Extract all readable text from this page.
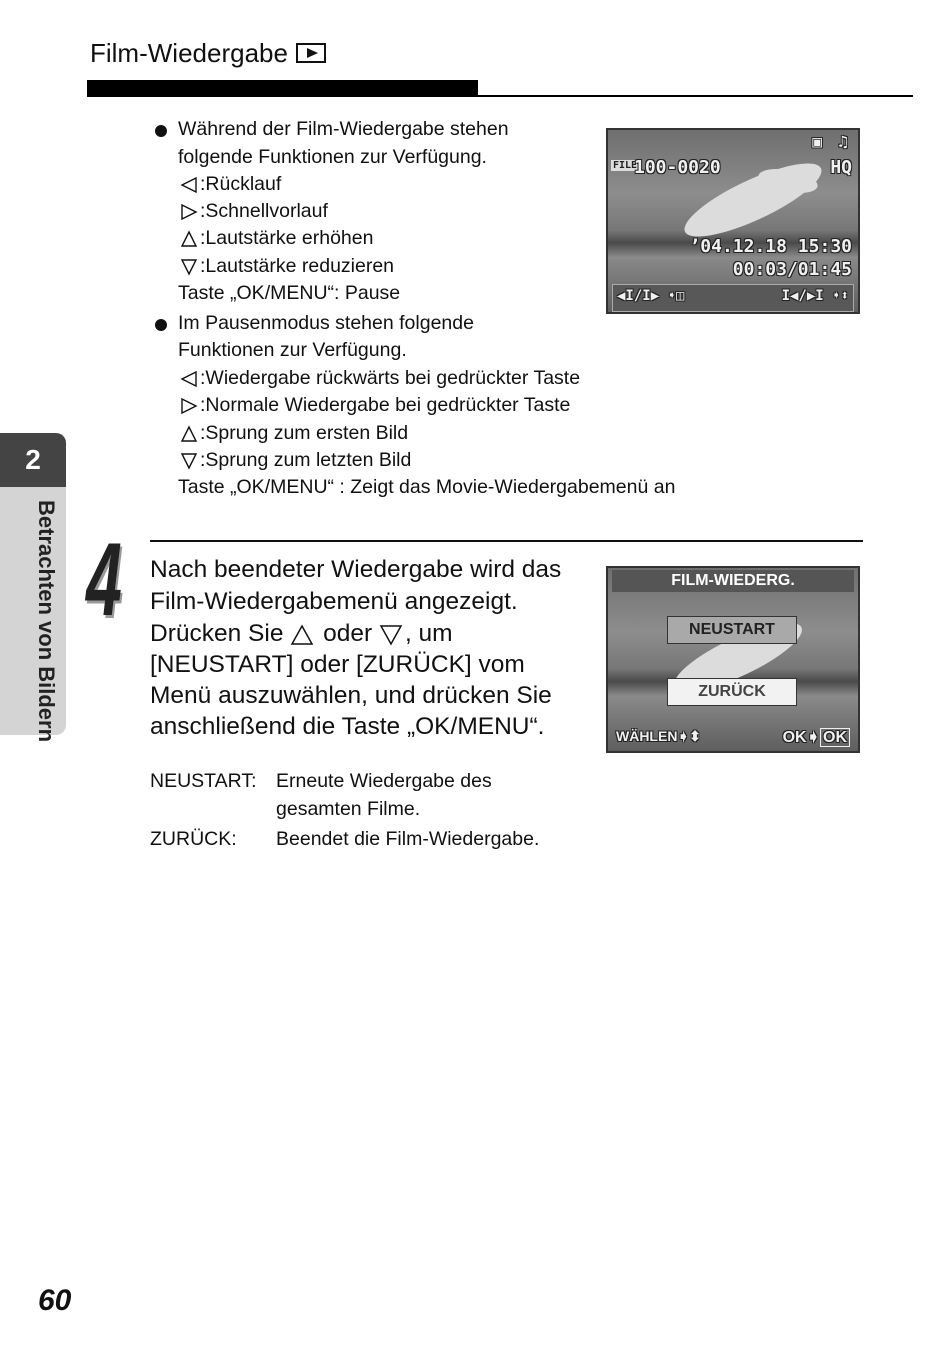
Film-Wiedergabe
Während der Film-Wiedergabe stehen
folgende Funktionen zur Verfügung.
:Rücklauf
:Schnellvorlauf
:Lautstärke erhöhen
:Lautstärke reduzieren
Taste „OK/MENU“: Pause
Im Pausenmodus stehen folgende
Funktionen zur Verfügung.
:Wiedergabe rückwärts bei gedrückter Taste
:Normale Wiedergabe bei gedrückter Taste
:Sprung zum ersten Bild
:Sprung zum letzten Bild
Taste „OK/MENU“ : Zeigt das Movie-Wiedergabemenü an
▣ ♫
FILE
100-0020	HQ
’04.12.18 15:30
00:03/01:45
◀I/I▶ ➧◫	I◀/▶I ➧⬍
2
Betrachten von Bildern 4 Nach beendeter Wiedergabe wird das
Film-Wiedergabemenü angezeigt.
Drücken Sie oder , um
[NEUSTART] oder [ZURÜCK] vom
Menü auszuwählen, und drücken Sie
anschließend die Taste „OK/MENU“.
FILM-WIEDERG.
NEUSTART
ZURÜCK
WÄHLEN➧⬍	OK➧ OK
NEUSTART: Erneute Wiedergabe des
gesamten Filme.
ZURÜCK: Beendet die Film-Wiedergabe.
60
